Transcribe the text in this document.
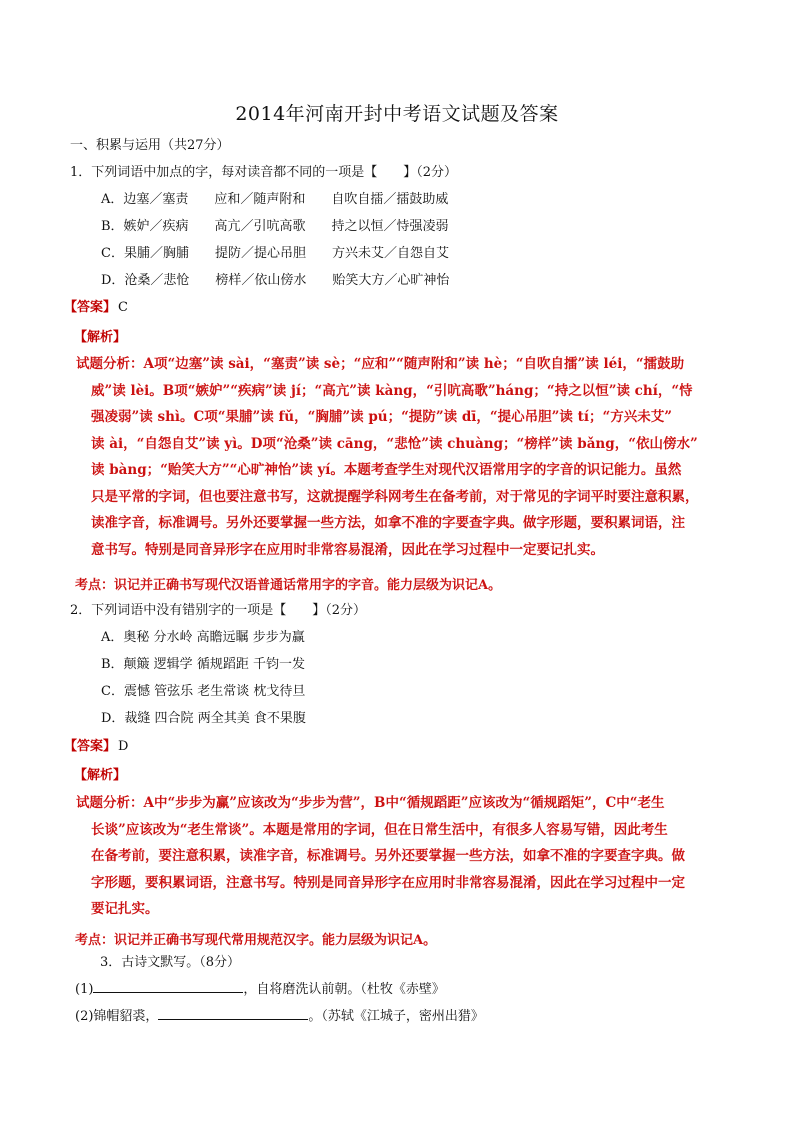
2014年河南开封中考语文试题及答案
一、积累与运用（共27分）
1．下列词语中加点的字，每对读音都不同的一项是【　　】（2分）
A．边塞／塞责　　应和／随声附和　　自吹自擂／擂鼓助威
B．嫉妒／疾病　　高亢／引吭高歌　　持之以恒／恃强凌弱
C．果脯／胸脯　　提防／提心吊胆　　方兴未艾／自怨自艾
D．沧桑／悲怆　　榜样／依山傍水　　贻笑大方／心旷神怡
【答案】 C
【解析】
试题分析：A项“边塞”读 sài，“塞责”读 sè；“应和”“随声附和”读 hè；“自吹自擂”读 léi，“擂鼓助
威”读 lèi。B项“嫉妒”“疾病”读 jí；“高亢”读 kàng，“引吭高歌”háng；“持之以恒”读 chí，“恃
强凌弱”读 shì。C项“果脯”读 fǔ，“胸脯”读 pú；“提防”读 dī，“提心吊胆”读 tí；“方兴未艾”
读 ài，“自怨自艾”读 yì。D项“沧桑”读 cāng，“悲怆”读 chuàng；“榜样”读 bǎng，“依山傍水”
读 bàng；“贻笑大方”“心旷神怡”读 yí。本题考查学生对现代汉语常用字的字音的识记能力。虽然
只是平常的字词，但也要注意书写，这就提醒学科网考生在备考前，对于常见的字词平时要注意积累，
读准字音，标准调号。另外还要掌握一些方法，如拿不准的字要查字典。做字形题，要积累词语，注
意书写。特别是同音异形字在应用时非常容易混淆，因此在学习过程中一定要记扎实。
考点：识记并正确书写现代汉语普通话常用字的字音。能力层级为识记A。
2．下列词语中没有错别字的一项是【　　】（2分）
A．奥秘 分水岭 高瞻远瞩 步步为赢
B．颠簸 逻辑学 循规蹈距 千钧一发
C．震憾 管弦乐 老生常谈 枕戈待旦
D．裁缝 四合院 两全其美 食不果腹
【答案】 D
【解析】
试题分析：A中“步步为赢”应该改为“步步为营”，B中“循规蹈距”应该改为“循规蹈矩”，C中“老生
长谈”应该改为“老生常谈”。本题是常用的字词，但在日常生活中，有很多人容易写错，因此考生
在备考前，要注意积累，读准字音，标准调号。另外还要掌握一些方法，如拿不准的字要查字典。做
字形题，要积累词语，注意书写。特别是同音异形字在应用时非常容易混淆，因此在学习过程中一定
要记扎实。
考点：识记并正确书写现代常用规范汉字。能力层级为识记A。
3．古诗文默写。（8分）
(1)	，自将磨洗认前朝。（杜牧《赤壁》
(2)锦帽貂裘，	。（苏轼《江城子，密州出猎》
